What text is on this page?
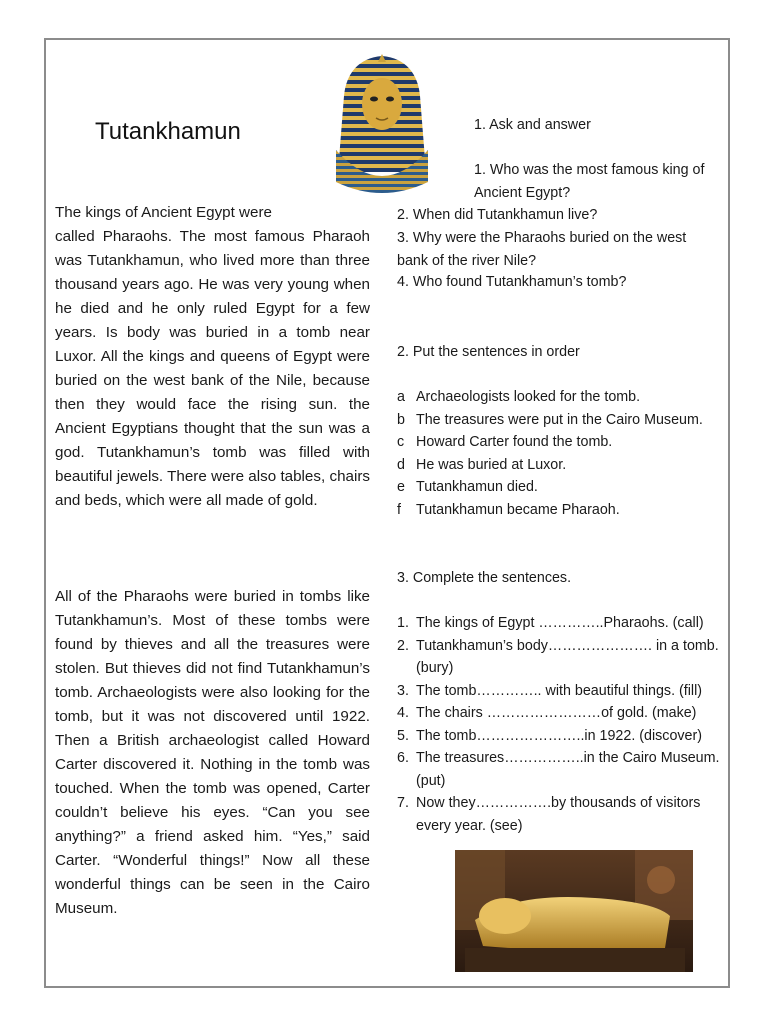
Tutankhamun

The kings of Ancient Egypt were
called Pharaohs. The most famous Pharaoh was Tutankhamun, who lived more than three thousand years ago. He was very young when he died and he only ruled Egypt for a few years. Is body was buried in a tomb near Luxor. All the kings and queens of Egypt were buried on the west bank of the Nile, because then they would face the rising sun. the Ancient Egyptians thought that the sun was a god. Tutankhamun’s tomb was filled with beautiful jewels. There were also tables, chairs and beds, which were all made of gold.

All of the Pharaohs were buried in tombs like Tutankhamun’s. Most of these tombs were found by thieves and all the treasures were stolen. But thieves did not find Tutankhamun’s tomb. Archaeologists were also looking for the tomb, but it was not discovered until 1922. Then a British archaeologist called Howard Carter discovered it. Nothing in the tomb was touched. When the tomb was opened, Carter couldn’t believe his eyes. “Can you see anything?” a friend asked him. “Yes,” said Carter. “Wonderful things!” Now all these wonderful things can be seen in the Cairo Museum.

1. Ask and answer
1. Who was the most famous king of
Ancient Egypt?
2. When did Tutankhamun live?
3. Why were the Pharaohs buried on the west bank of the river Nile?
4. Who found Tutankhamun’s tomb?
2. Put the sentences in order
a Archaeologists looked for the tomb.
b The treasures were put in the Cairo Museum.
c Howard Carter found the tomb.
d He was buried at Luxor.
e Tutankhamun died.
f	Tutankhamun became Pharaoh.
3. Complete the sentences.
1. The kings of Egypt …………..Pharaohs. (call)
2. Tutankhamun’s body…………………. in a tomb. (bury)
3. The tomb………….. with beautiful things. (fill)
4. The chairs ……………………of gold. (make)
5. The tomb…………………..in 1922. (discover)
6. The treasures……………..in the Cairo Museum. (put)
7. Now they…………….by thousands of visitors every year. (see)
